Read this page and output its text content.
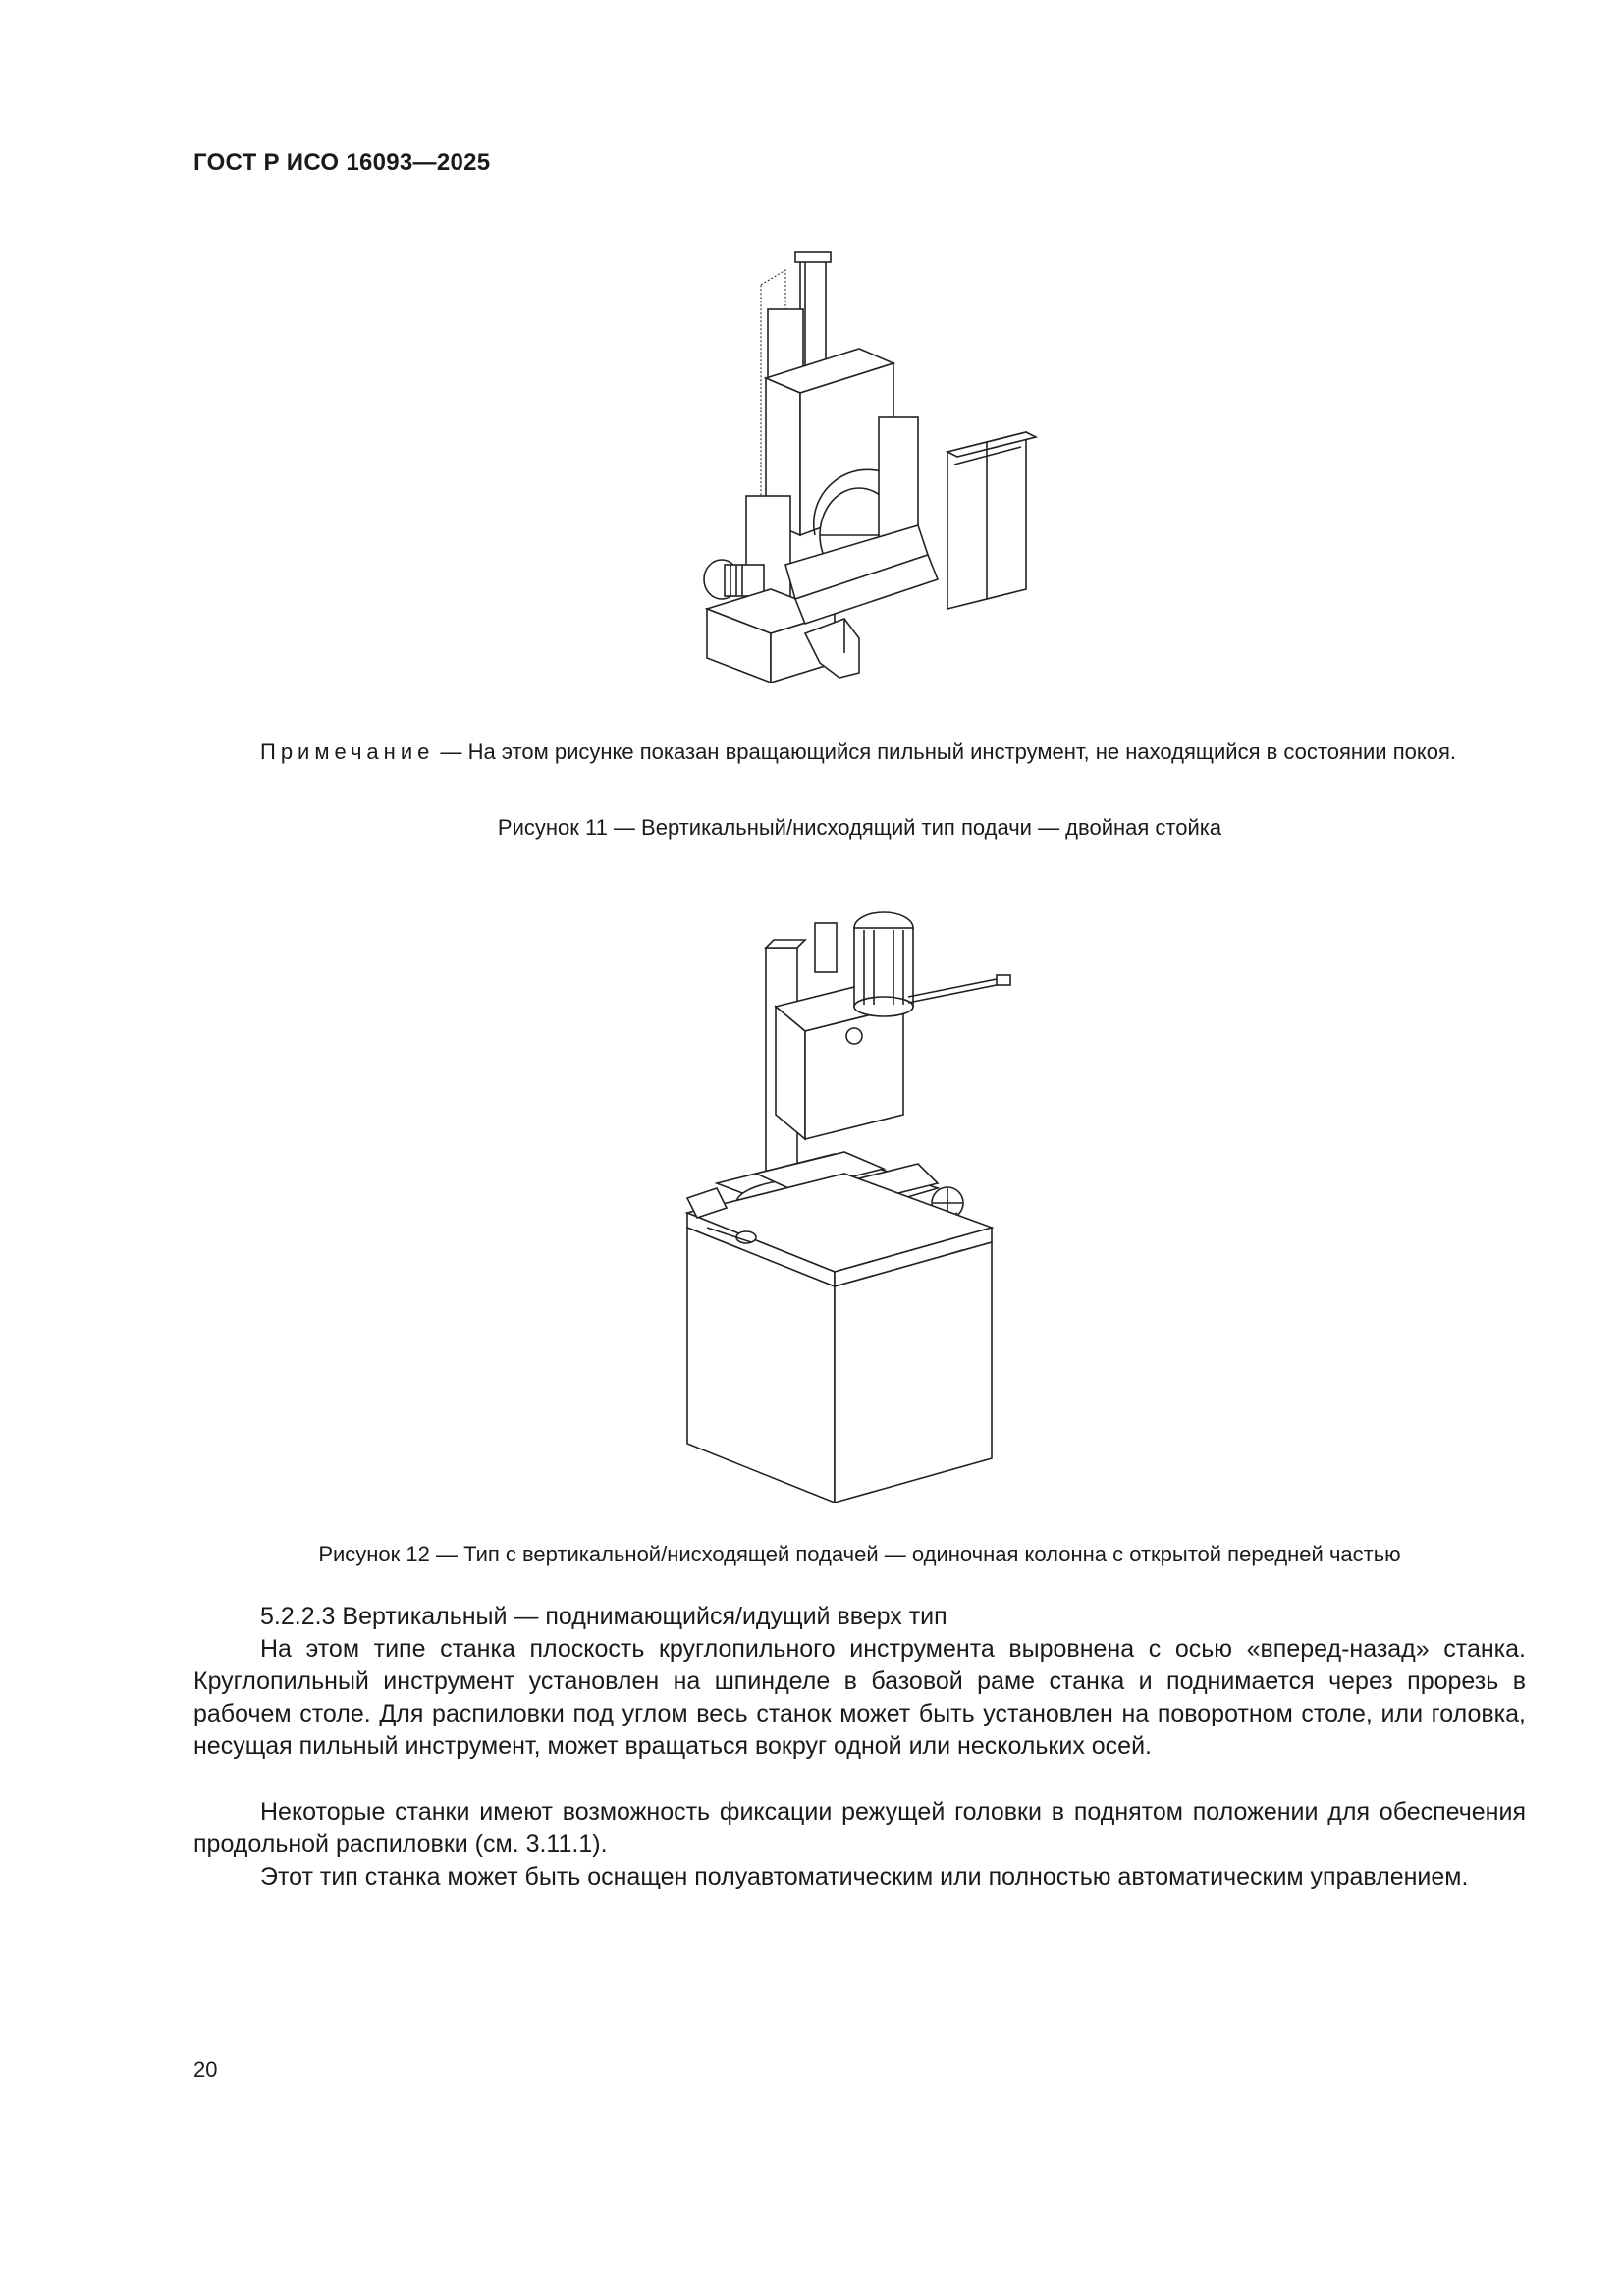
ГОСТ Р ИСО 16093—2025
Примечание — На этом рисунке показан вращающийся пильный инструмент, не находящийся в состоянии покоя.
Рисунок 11 — Вертикальный/нисходящий тип подачи — двойная стойка
Рисунок 12 — Тип с вертикальной/нисходящей подачей — одиночная колонна с открытой передней частью
5.2.2.3 Вертикальный — поднимающийся/идущий вверх тип
На этом типе станка плоскость круглопильного инструмента выровнена с осью «вперед-назад» станка. Круглопильный инструмент установлен на шпинделе в базовой раме станка и поднимается через прорезь в рабочем столе. Для распиловки под углом весь станок может быть установлен на поворотном столе, или головка, несущая пильный инструмент, может вращаться вокруг одной или нескольких осей.
Некоторые станки имеют возможность фиксации режущей головки в поднятом положении для обеспечения продольной распиловки (см. 3.11.1).
Этот тип станка может быть оснащен полуавтоматическим или полностью автоматическим управлением.
20
